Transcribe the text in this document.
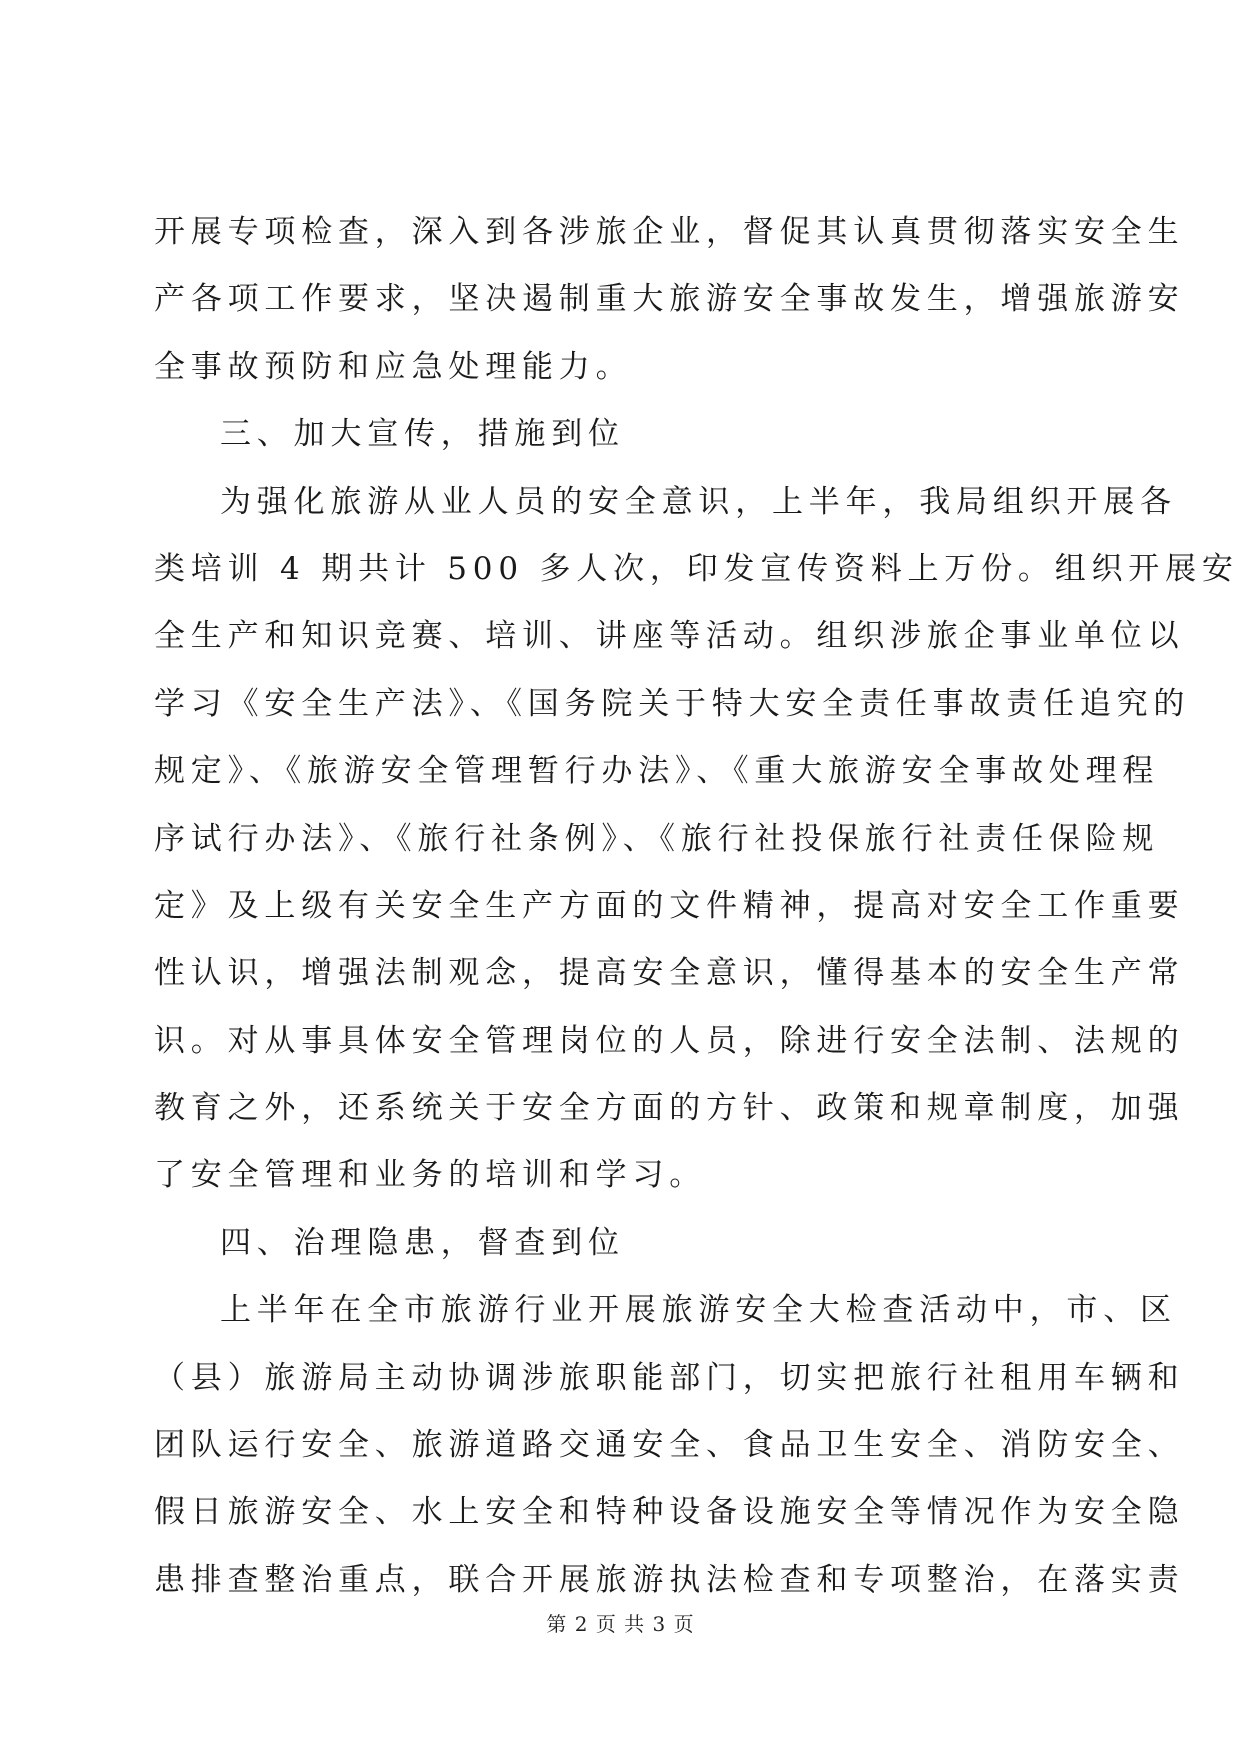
开展专项检查，深入到各涉旅企业，督促其认真贯彻落实安全生
产各项工作要求，坚决遏制重大旅游安全事故发生，增强旅游安
全事故预防和应急处理能力。
三、加大宣传，措施到位
为强化旅游从业人员的安全意识，上半年，我局组织开展各
类培训 4 期共计 500 多人次，印发宣传资料上万份。组织开展安
全生产和知识竞赛、培训、讲座等活动。组织涉旅企事业单位以
学习《安全生产法》、《国务院关于特大安全责任事故责任追究的
规定》、《旅游安全管理暂行办法》、《重大旅游安全事故处理程
序试行办法》、《旅行社条例》、《旅行社投保旅行社责任保险规
定》及上级有关安全生产方面的文件精神，提高对安全工作重要
性认识，增强法制观念，提高安全意识，懂得基本的安全生产常
识。对从事具体安全管理岗位的人员，除进行安全法制、法规的
教育之外，还系统关于安全方面的方针、政策和规章制度，加强
了安全管理和业务的培训和学习。
四、治理隐患，督查到位
上半年在全市旅游行业开展旅游安全大检查活动中，市、区
（县）旅游局主动协调涉旅职能部门，切实把旅行社租用车辆和
团队运行安全、旅游道路交通安全、食品卫生安全、消防安全、
假日旅游安全、水上安全和特种设备设施安全等情况作为安全隐
患排查整治重点，联合开展旅游执法检查和专项整治，在落实责
第 2 页 共 3 页
